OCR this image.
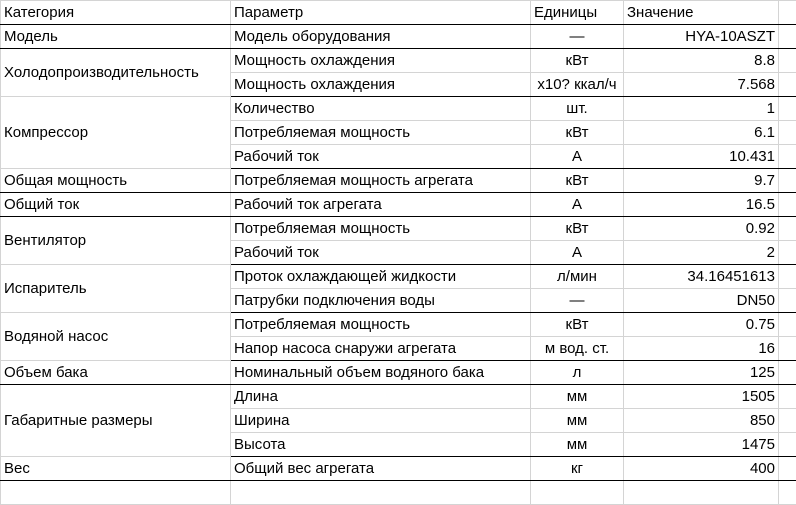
Категория	Параметр	Единицы	Значение	
Модель	Модель оборудования	—	HYA-10ASZT	
Холодопроизводительность	Мощность охлаждения	кВт	8.8	
	Мощность охлаждения	x10? ккал/ч	7.568	
Компрессор	Количество	шт.	1	
	Потребляемая мощность	кВт	6.1	
	Рабочий ток	А	10.431	
Общая мощность	Потребляемая мощность агрегата	кВт	9.7	
Общий ток	Рабочий ток агрегата	А	16.5	
Вентилятор	Потребляемая мощность	кВт	0.92	
	Рабочий ток	А	2	
Испаритель	Проток охлаждающей жидкости	л/мин	34.16451613	
	Патрубки подключения воды	—	DN50	
Водяной насос	Потребляемая мощность	кВт	0.75	
	Напор насоса снаружи агрегата	м вод. ст.	16	
Объем бака	Номинальный объем водяного бака	л	125	
Габаритные размеры	Длина	мм	1505	
	Ширина	мм	850	
	Высота	мм	1475	
Вес	Общий вес агрегата	кг	400	
